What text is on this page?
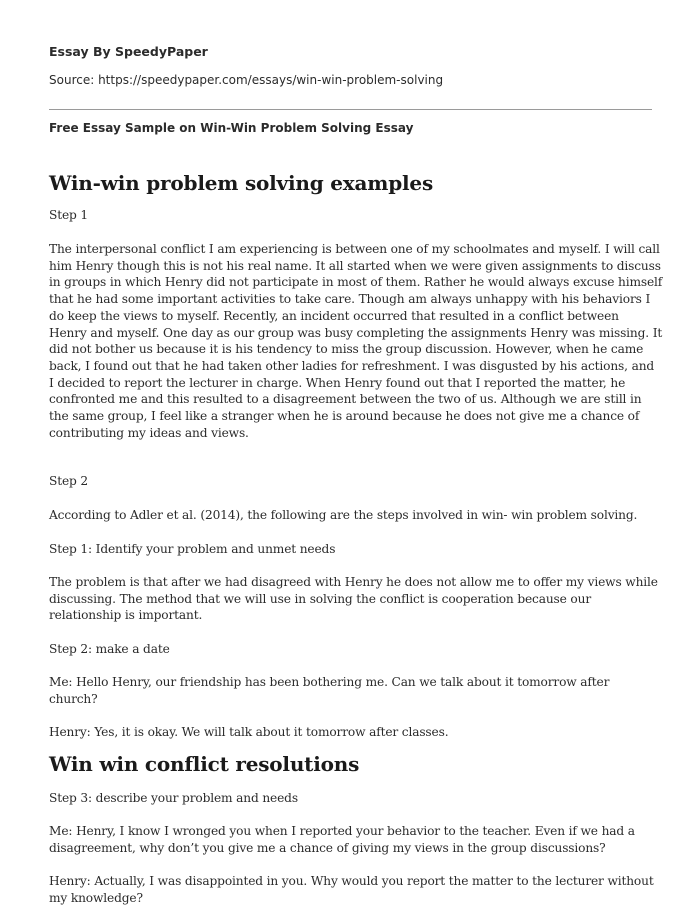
Essay By SpeedyPaper

Source: https://speedypaper.com/essays/win-win-problem-solving

Free Essay Sample on Win-Win Problem Solving Essay

Win-win problem solving examples

Step 1

The interpersonal conflict I am experiencing is between one of my schoolmates and myself. I will call
him Henry though this is not his real name. It all started when we were given assignments to discuss
in groups in which Henry did not participate in most of them. Rather he would always excuse himself
that he had some important activities to take care. Though am always unhappy with his behaviors I
do keep the views to myself. Recently, an incident occurred that resulted in a conflict between
Henry and myself. One day as our group was busy completing the assignments Henry was missing. It
did not bother us because it is his tendency to miss the group discussion. However, when he came
back, I found out that he had taken other ladies for refreshment. I was disgusted by his actions, and
I decided to report the lecturer in charge. When Henry found out that I reported the matter, he
confronted me and this resulted to a disagreement between the two of us. Although we are still in
the same group, I feel like a stranger when he is around because he does not give me a chance of
contributing my ideas and views.

Step 2

According to Adler et al. (2014), the following are the steps involved in win- win problem solving.

Step 1: Identify your problem and unmet needs

The problem is that after we had disagreed with Henry he does not allow me to offer my views while
discussing. The method that we will use in solving the conflict is cooperation because our
relationship is important.

Step 2: make a date

Me: Hello Henry, our friendship has been bothering me. Can we talk about it tomorrow after
church?

Henry: Yes, it is okay. We will talk about it tomorrow after classes.

Win win conflict resolutions

Step 3: describe your problem and needs

Me: Henry, I know I wronged you when I reported your behavior to the teacher. Even if we had a
disagreement, why don’t you give me a chance of giving my views in the group discussions?

Henry: Actually, I was disappointed in you. Why would you report the matter to the lecturer without
my knowledge?
